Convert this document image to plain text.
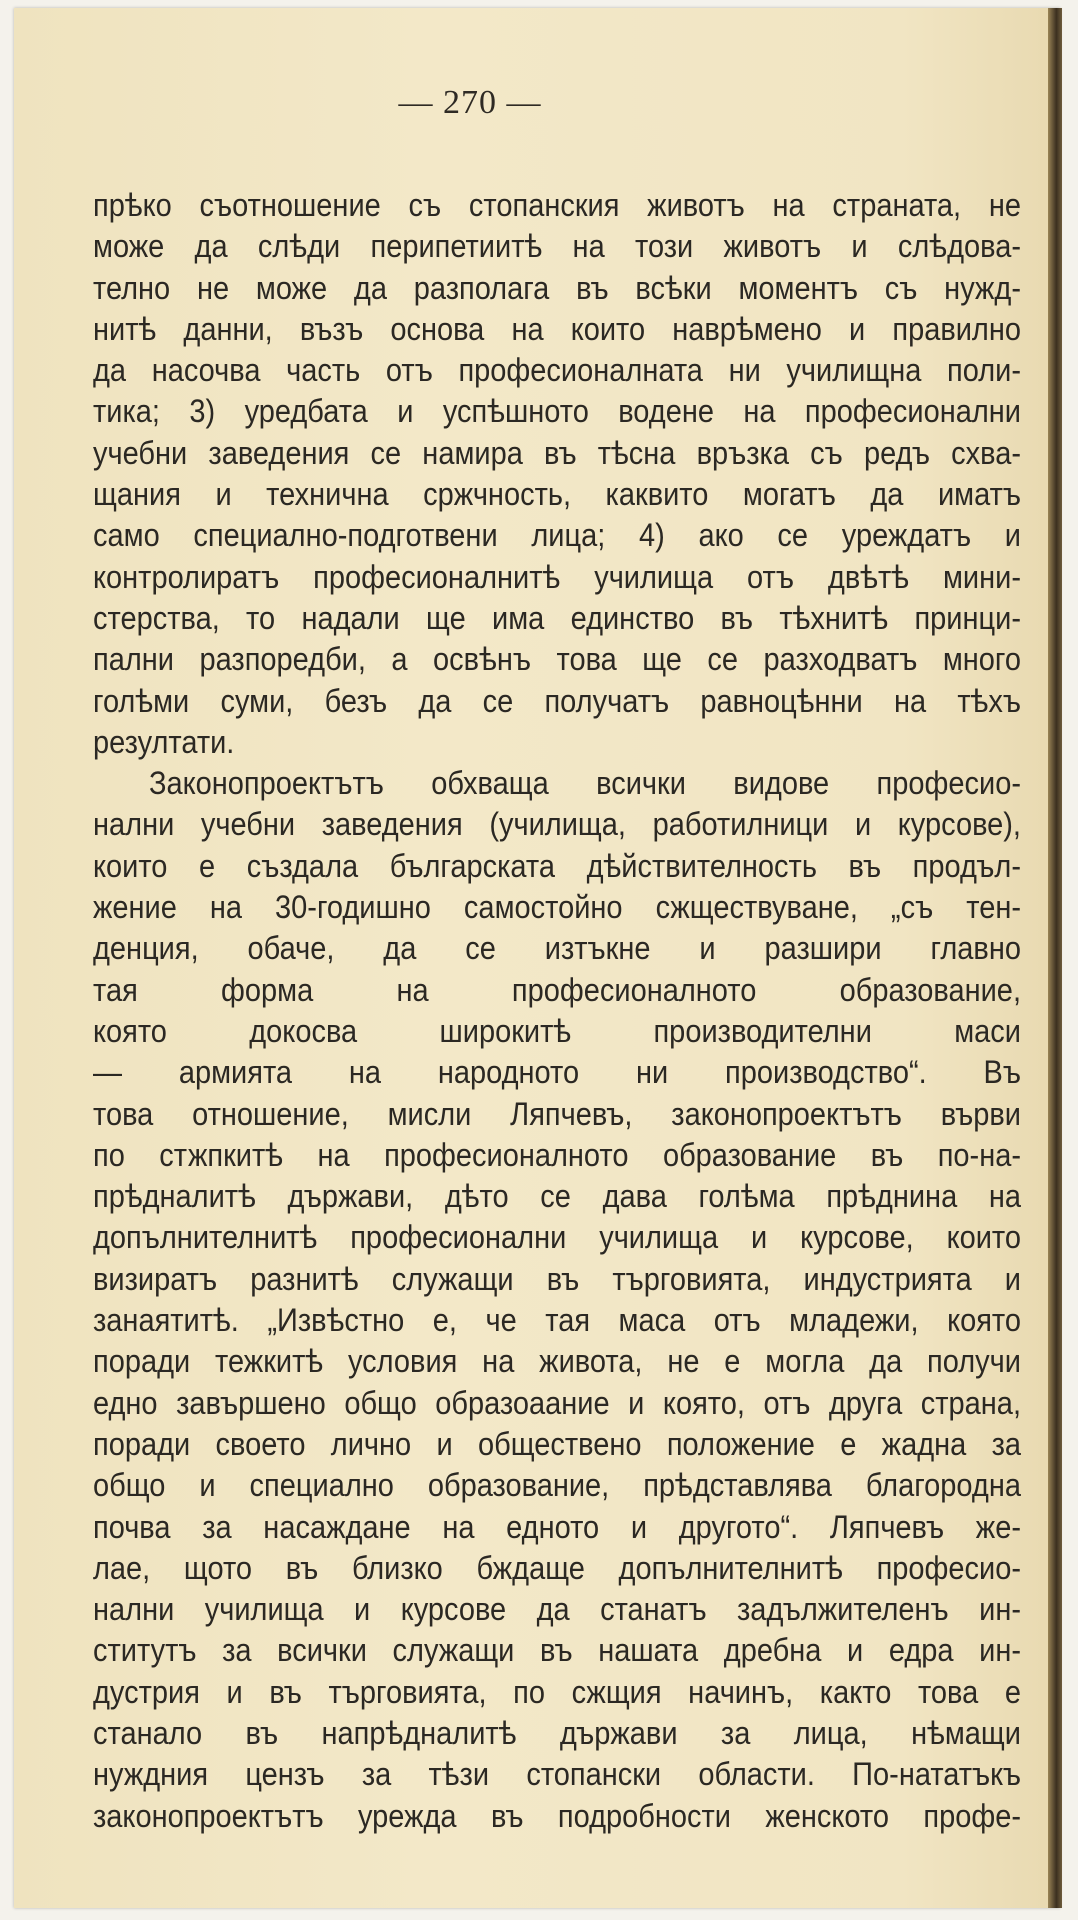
— 270 —
прѣко съотношение съ стопанския животъ на страната, не
може да слѣди перипетиитѣ на този животъ и слѣдова-
телно не може да разполага въ всѣки моментъ съ нужд-
нитѣ данни, възъ основа на които наврѣмено и правилно
да насочва часть отъ професионалната ни училищна поли-
тика; 3) уредбата и успѣшното водене на професионални
учебни заведения се намира въ тѣсна връзка съ редъ схва-
щания и технична сржчность, каквито могатъ да иматъ
само специално-подготвени лица; 4) ако се уреждатъ и
контролиратъ професионалнитѣ училища отъ двѣтѣ мини-
стерства, то надали ще има единство въ тѣхнитѣ принци-
пални разпоредби, а освѣнъ това ще се разходватъ много
голѣми суми, безъ да се получатъ равноцѣнни на тѣхъ
резултати.
Законопроектътъ обхваща всички видове професио-
нални учебни заведения (училища, работилници и курсове),
които е създала българската дѣйствителность въ продъл-
жение на 30-годишно самостойно сжществуване, „съ тен-
денция, обаче, да се изтъкне и разшири главно
тая форма на професионалното образование,
която докосва широкитѣ производителни маси
— армията на народното ни производство“. Въ
това отношение, мисли Ляпчевъ, законопроектътъ върви
по стжпкитѣ на професионалното образование въ по-на-
прѣдналитѣ държави, дѣто се дава голѣма прѣднина на
допълнителнитѣ професионални училища и курсове, които
визиратъ разнитѣ служащи въ търговията, индустрията и
занаятитѣ. „Извѣстно е, че тая маса отъ младежи, която
поради тежкитѣ условия на живота, не е могла да получи
едно завършено общо образоаание и която, отъ друга страна,
поради своето лично и обществено положение е жадна за
общо и специално образование, прѣдставлява благородна
почва за насаждане на едното и другото“. Ляпчевъ же-
лае, щото въ близко бждаще допълнителнитѣ професио-
нални училища и курсове да станатъ задължителенъ ин-
ститутъ за всички служащи въ нашата дребна и едра ин-
дустрия и въ търговията, по сжщия начинъ, както това е
станало въ напрѣдналитѣ държави за лица, нѣмащи
нуждния цензъ за тѣзи стопански области. По-нататъкъ
законопроектътъ урежда въ подробности женското профе-
